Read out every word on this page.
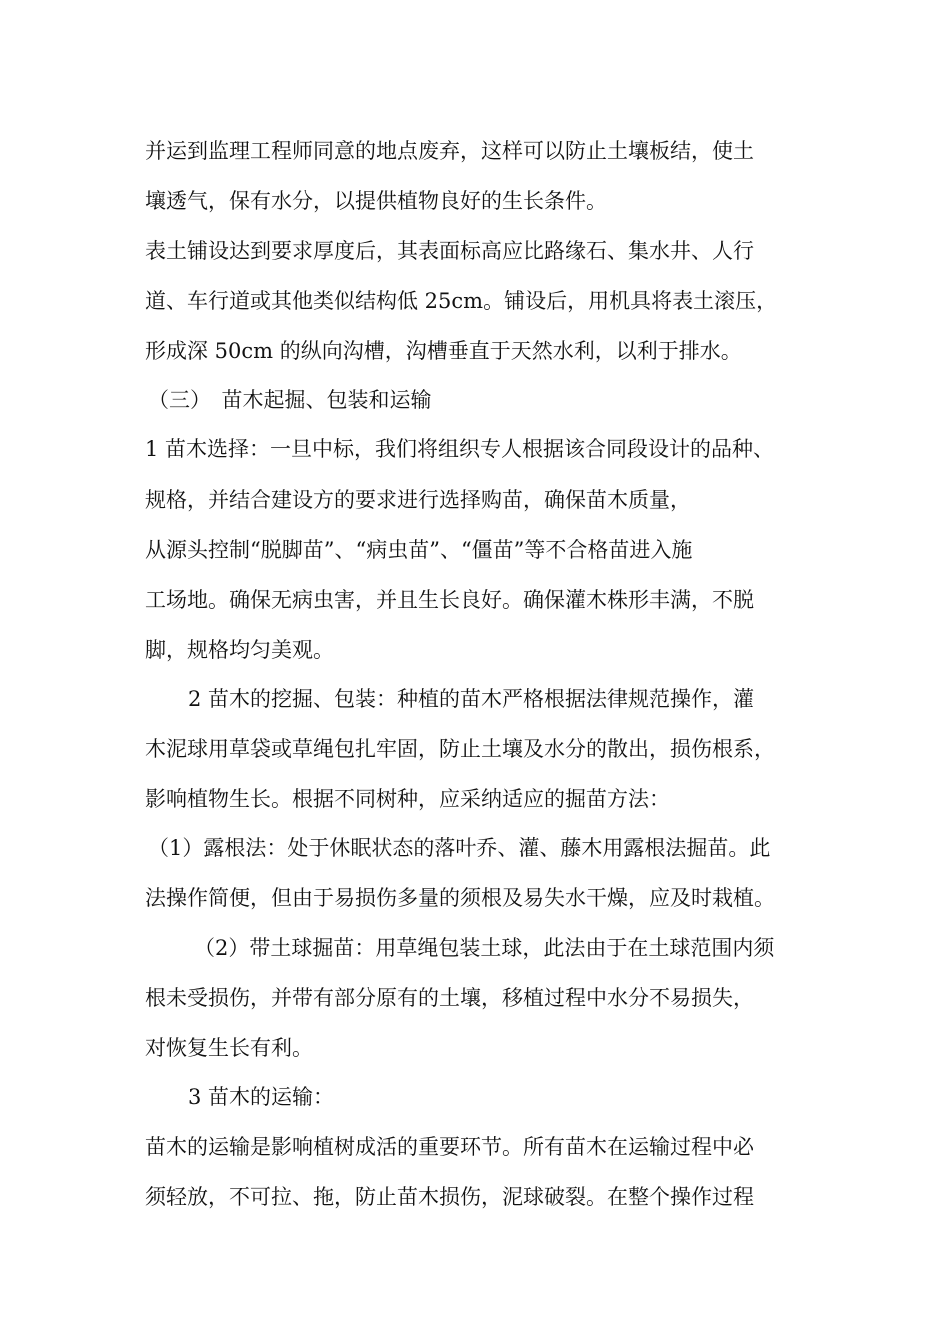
并运到监理工程师同意的地点废弃，这样可以防止土壤板结，使土
壤透气，保有水分，以提供植物良好的生长条件。
表土铺设达到要求厚度后，其表面标高应比路缘石、集水井、人行
道、车行道或其他类似结构低 25cm。铺设后，用机具将表土滚压，
形成深 50cm 的纵向沟槽，沟槽垂直于天然水利，以利于排水。
（三）　苗木起掘、包装和运输
1 苗木选择：一旦中标，我们将组织专人根据该合同段设计的品种、
规格，并结合建设方的要求进行选择购苗，确保苗木质量，
从源头控制“脱脚苗”、“病虫苗”、“僵苗”等不合格苗进入施
工场地。确保无病虫害，并且生长良好。确保灌木株形丰满，不脱
脚，规格均匀美观。
2 苗木的挖掘、包装：种植的苗木严格根据法律规范操作，灌
木泥球用草袋或草绳包扎牢固，防止土壤及水分的散出，损伤根系，
影响植物生长。根据不同树种，应采纳适应的掘苗方法：
（1）露根法：处于休眠状态的落叶乔、灌、藤木用露根法掘苗。此
法操作简便，但由于易损伤多量的须根及易失水干燥，应及时栽植。
（2）带土球掘苗：用草绳包装土球，此法由于在土球范围内须
根未受损伤，并带有部分原有的土壤，移植过程中水分不易损失，
对恢复生长有利。
3 苗木的运输：
苗木的运输是影响植树成活的重要环节。所有苗木在运输过程中必
须轻放，不可拉、拖，防止苗木损伤，泥球破裂。在整个操作过程
